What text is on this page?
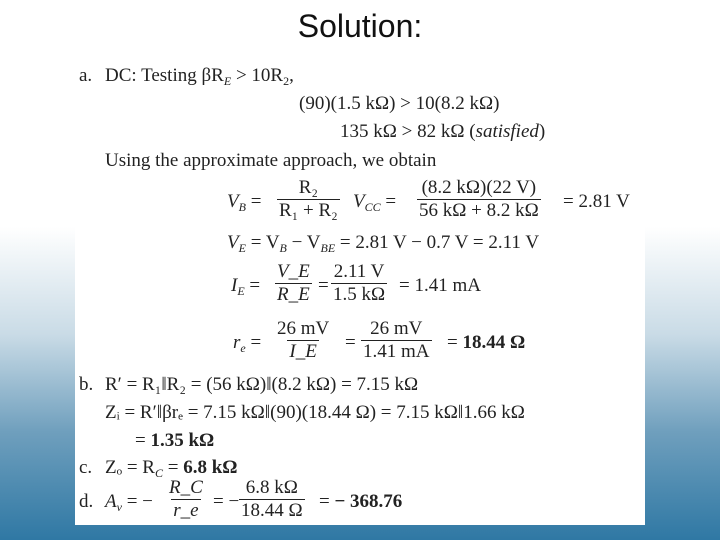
Solution:
a. DC: Testing $\beta R_E > 10R_2$,
(90)(1.5 kΩ) > 10(8.2 kΩ)
135 kΩ > 82 kΩ (satisfied)
Using the approximate approach, we obtain
$V_B = \frac{\text{R₂}}{\text{R₁ + R₂}} V_{CC} = \frac{(8.2 k\Omega)(22 V)}{56 k\Omega + 8.2 k\Omega} = 2.81$ V
$V_E = V_B - V_{BE} = 2.81$ V − 0.7 V = 2.11 V
$I_E = \frac{V\_E}{R\_E} = \frac{2.11 V}{1.5 k\Omega} = 1.41$ mA
$r_e = \frac{26 mV}{I\_E} = \frac{26 mV}{1.41 mA} = 18.44$ Ω
b. R′ = R₁‖R₂ = (56 kΩ)‖(8.2 kΩ) = 7.15 kΩ
Zᵢ = R′‖βrₑ = 7.15 kΩ‖(90)(18.44 Ω) = 7.15 kΩ‖1.66 kΩ
= 1.35 kΩ
c. $Z_o = R_C = 6.8$ kΩ
d. $A_v$ = − $\frac{R\_C}{r\_e}$ = − $\frac{6.8 k\Omega}{18.44 \Omega}$ = − 368.76
